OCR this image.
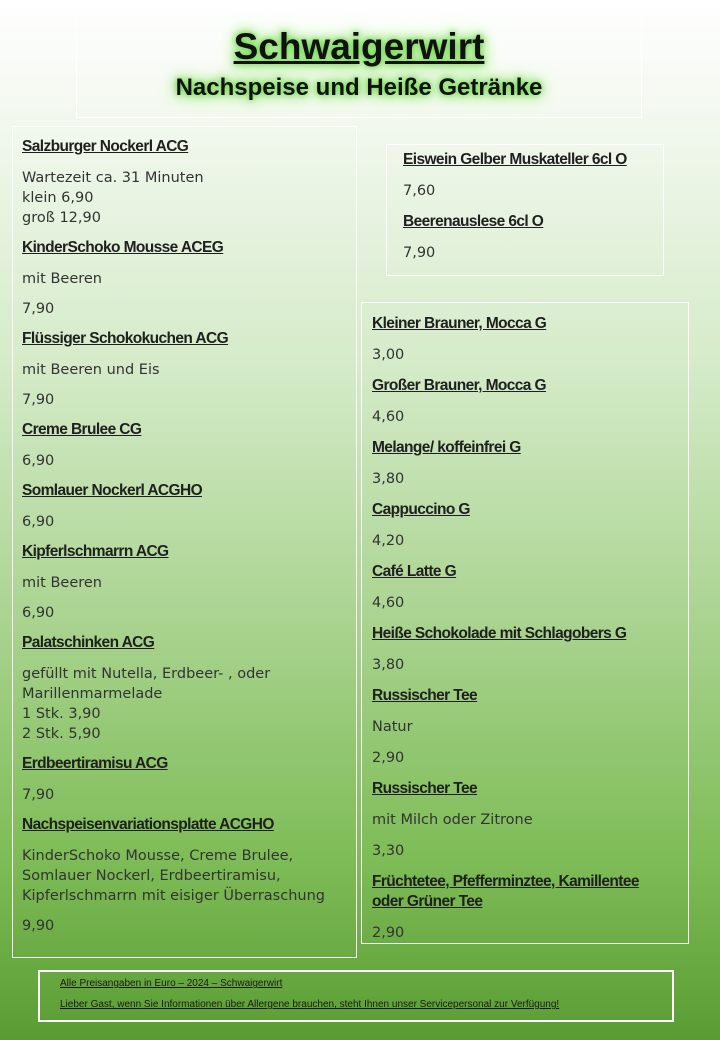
Schwaigerwirt
Nachspeise und Heiße Getränke
Salzburger Nockerl ACG
Wartezeit ca. 31 Minuten
klein 6,90
groß 12,90
KinderSchoko Mousse ACEG
mit Beeren
7,90
Flüssiger Schokokuchen ACG
mit Beeren und Eis
7,90
Creme Brulee CG
6,90
Somlauer Nockerl ACGHO
6,90
Kipferlschmarrn ACG
mit Beeren
6,90
Palatschinken ACG
gefüllt mit Nutella, Erdbeer- , oder
Marillenmarmelade
1 Stk. 3,90
2 Stk. 5,90
Erdbeertiramisu ACG
7,90
Nachspeisenvariationsplatte ACGHO
KinderSchoko Mousse, Creme Brulee,
Somlauer Nockerl, Erdbeertiramisu,
Kipferlschmarrn mit eisiger Überraschung
9,90
Eiswein Gelber Muskateller 6cl O
7,60
Beerenauslese 6cl O
7,90
Kleiner Brauner, Mocca G
3,00
Großer Brauner, Mocca G
4,60
Melange/ koffeinfrei G
3,80
Cappuccino G
4,20
Café Latte G
4,60
Heiße Schokolade mit Schlagobers G
3,80
Russischer Tee
Natur
2,90
Russischer Tee
mit Milch oder Zitrone
3,30
Früchtetee, Pfefferminztee, Kamillentee
oder Grüner Tee
2,90
Alle Preisangaben in Euro – 2024 – Schwaigerwirt
Lieber Gast, wenn Sie Informationen über Allergene brauchen, steht Ihnen unser Servicepersonal zur Verfügung!
